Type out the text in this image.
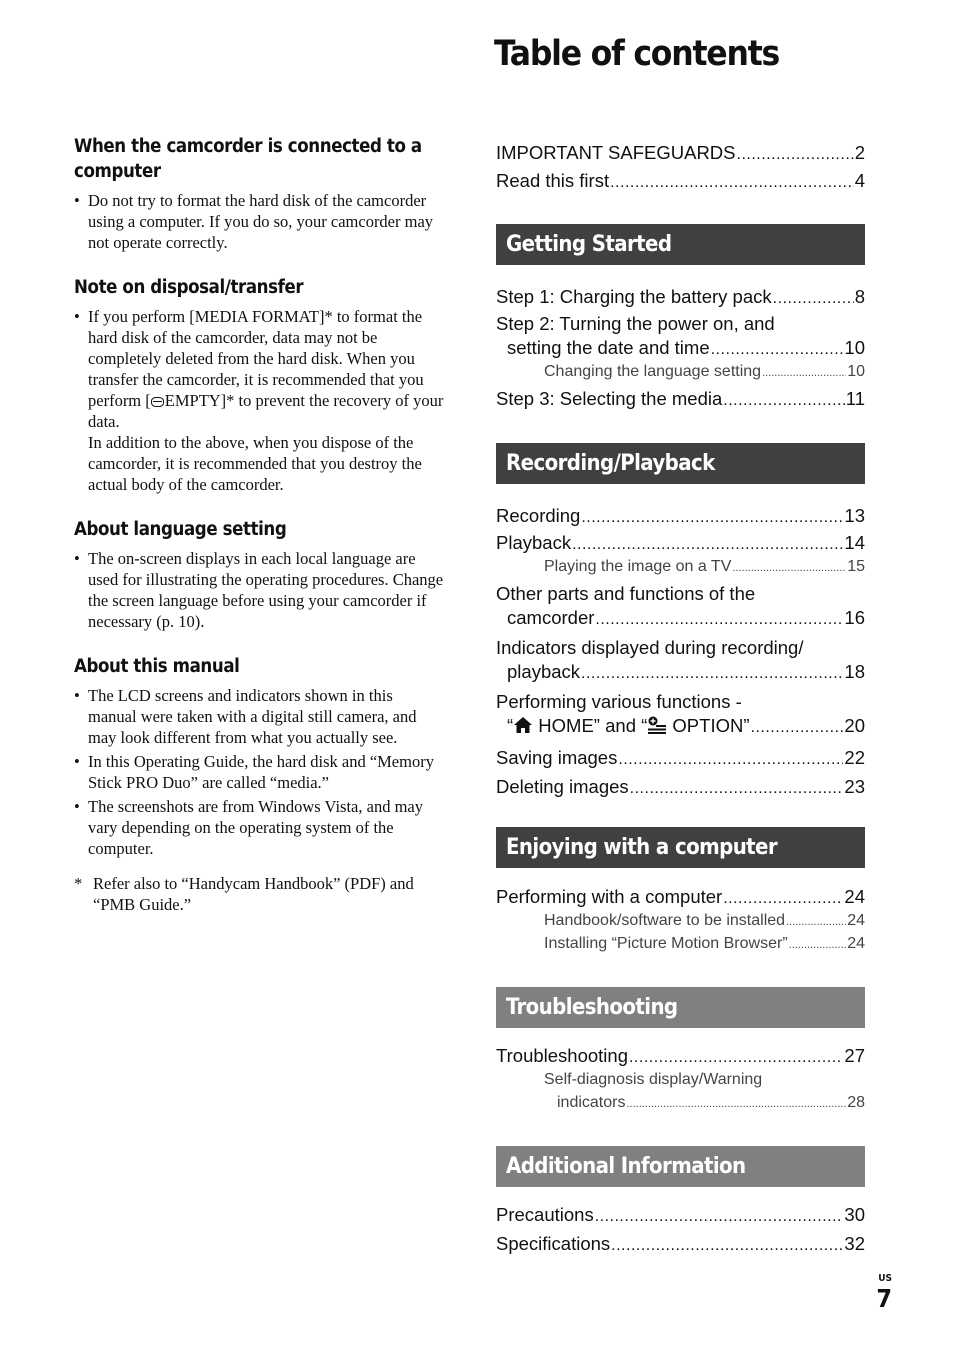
Table of contents

When the camcorder is connected to a computer

• Do not try to format the hard disk of the camcorder using a computer. If you do so, your camcorder may not operate correctly.

Note on disposal/transfer

• If you perform [MEDIA FORMAT]* to format the hard disk of the camcorder, data may not be completely deleted from the hard disk. When you transfer the camcorder, it is recommended that you perform [ EMPTY]* to prevent the recovery of your data.
In addition to the above, when you dispose of the camcorder, it is recommended that you destroy the actual body of the camcorder.

About language setting

• The on-screen displays in each local language are used for illustrating the operating procedures. Change the screen language before using your camcorder if necessary (p. 10).

About this manual

• The LCD screens and indicators shown in this manual were taken with a digital still camera, and may look different from what you actually see.
• In this Operating Guide, the hard disk and “Memory Stick PRO Duo” are called “media.”
• The screenshots are from Windows Vista, and may vary depending on the operating system of the computer.
* Refer also to “Handycam Handbook” (PDF) and “PMB Guide.”
IMPORTANT SAFEGUARDS .....	2
Read this first .....	4
Getting Started
Step 1: Charging the battery pack .....	8
Step 2: Turning the power on, and
setting the date and time .....	10
Changing the language setting .....	10
Step 3: Selecting the media .....	11
Recording/Playback
Recording .....	13
Playback .....	14
Playing the image on a TV .....	15
Other parts and functions of the
camcorder .....	16
Indicators displayed during recording/
playback .....	18
Performing various functions -
“ HOME” and “ OPTION” .....	20
Saving images .....	22
Deleting images .....	23
Enjoying with a computer
Performing with a computer .....	24
Handbook/software to be installed .....	24
Installing “Picture Motion Browser” .....	24
Troubleshooting
Troubleshooting .....	27
Self-diagnosis display/Warning
indicators .....	28
Additional Information
Precautions .....	30
Specifications .....	32
US
7
